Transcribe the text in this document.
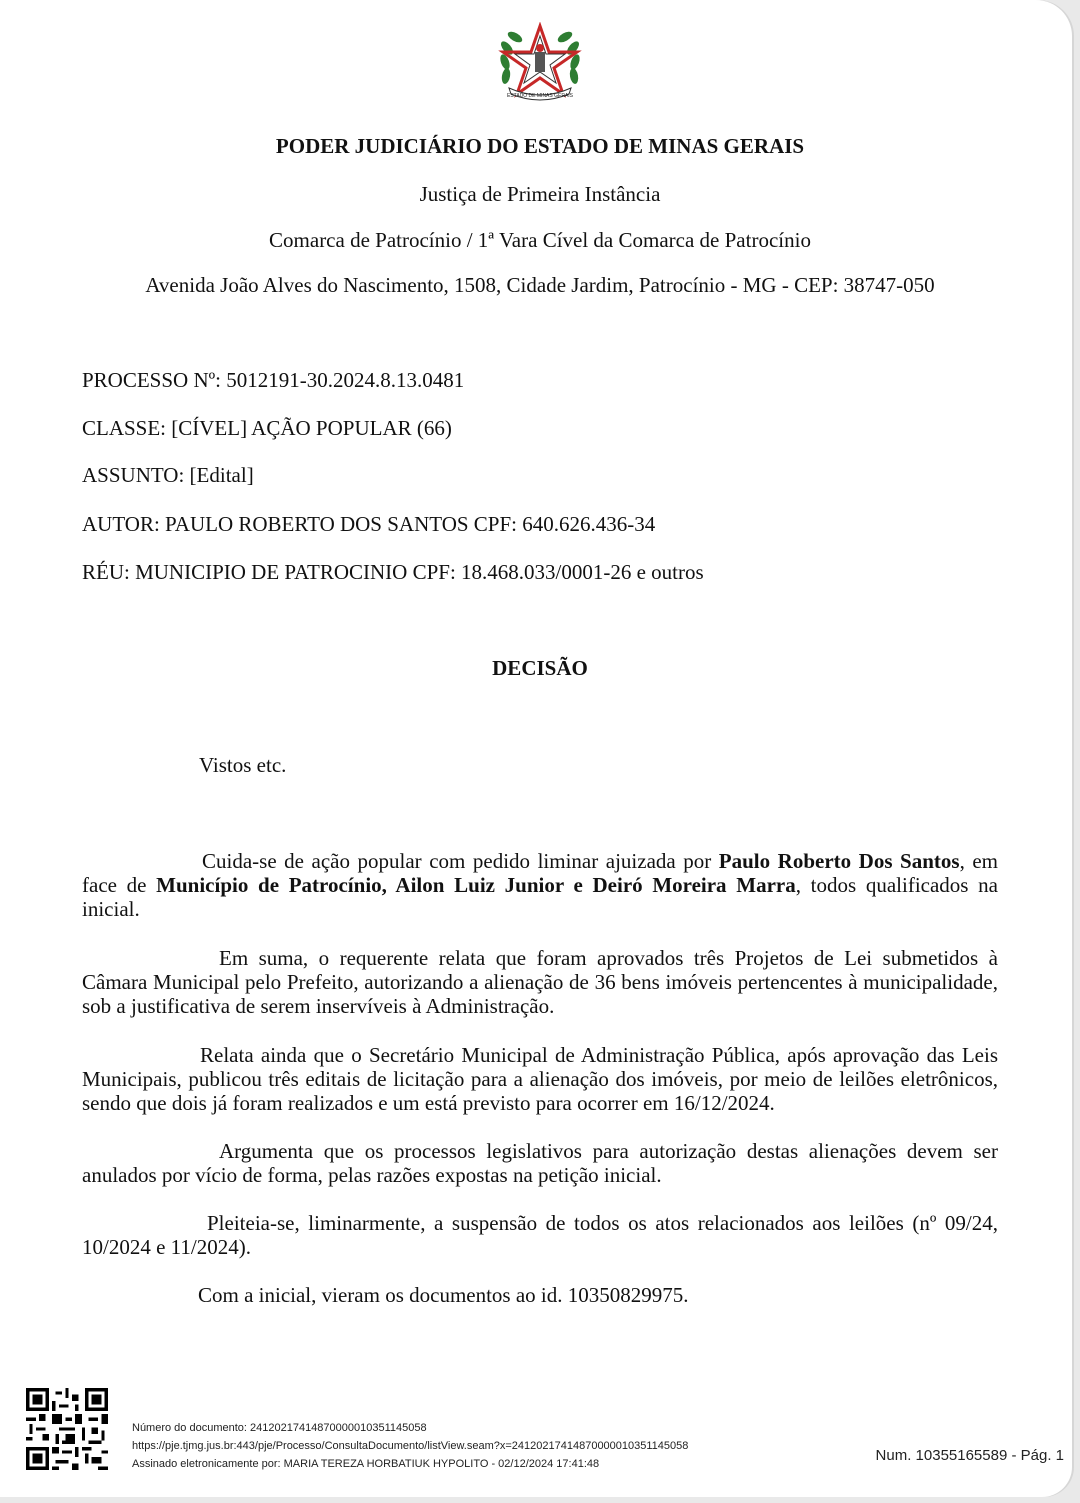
ESTADO DE MINAS GERAIS
PODER JUDICIÁRIO DO ESTADO DE MINAS GERAIS
Justiça de Primeira Instância
Comarca de Patrocínio / 1ª Vara Cível da Comarca de Patrocínio
Avenida João Alves do Nascimento, 1508, Cidade Jardim, Patrocínio - MG - CEP: 38747-050
PROCESSO Nº: 5012191-30.2024.8.13.0481
CLASSE: [CÍVEL] AÇÃO POPULAR (66)
ASSUNTO: [Edital]
AUTOR: PAULO ROBERTO DOS SANTOS CPF: 640.626.436-34
RÉU: MUNICIPIO DE PATROCINIO CPF: 18.468.033/0001-26 e outros
DECISÃO

Vistos etc.

Cuida-se de ação popular com pedido liminar ajuizada por Paulo Roberto Dos Santos, em face de Município de Patrocínio, Ailon Luiz Junior e Deiró Moreira Marra, todos qualificados na inicial.

Em suma, o requerente relata que foram aprovados três Projetos de Lei submetidos à Câmara Municipal pelo Prefeito, autorizando a alienação de 36 bens imóveis pertencentes à municipalidade, sob a justificativa de serem inservíveis à Administração.

Relata ainda que o Secretário Municipal de Administração Pública, após aprovação das Leis Municipais, publicou três editais de licitação para a alienação dos imóveis, por meio de leilões eletrônicos, sendo que dois já foram realizados e um está previsto para ocorrer em 16/12/2024.

Argumenta que os processos legislativos para autorização destas alienações devem ser anulados por vício de forma, pelas razões expostas na petição inicial.

Pleiteia-se, liminarmente, a suspensão de todos os atos relacionados aos leilões (nº 09/24, 10/2024 e 11/2024).

Com a inicial, vieram os documentos ao id. 10350829975.

Número do documento: 24120217414870000010351145058
https://pje.tjmg.jus.br:443/pje/Processo/ConsultaDocumento/listView.seam?x=24120217414870000010351145058
Assinado eletronicamente por: MARIA TEREZA HORBATIUK HYPOLITO - 02/12/2024 17:41:48	Num. 10355165589 - Pág. 1
